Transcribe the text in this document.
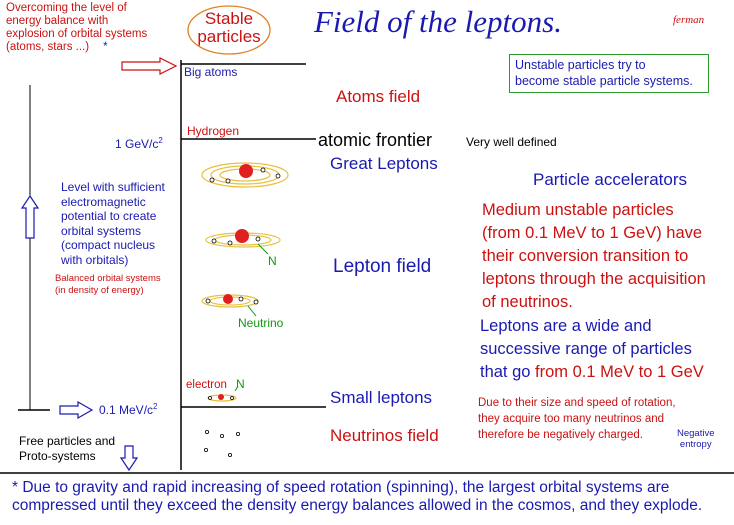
Field of the leptons.	ferman
Stable
particles
Overcoming the level of
energy balance with
explosion of orbital systems
(atoms, stars ...) *
Unstable particles try to
become stable particle systems.
Big atoms
Atoms field
1 GeV/$c^2$
Hydrogen	atomic frontier	Very well defined
Great Leptons
Particle accelerators
Level with sufficient
electromagnetic
potential to create
orbital systems
(compact nucleus
with orbitals)
Balanced orbital systems
(in density of energy)
Medium unstable particles
(from 0.1 MeV to 1 GeV) have
their conversion transition to
leptons through the acquisition
of neutrinos.
Leptons are a wide and
successive range of particles
that go from 0.1 MeV to 1 GeV
Lepton field
N
Neutrino
electron N
Small leptons
0.1 MeV/$c^2$	Due to their size and speed of rotation,
they acquire too many neutrinos and
therefore be negatively charged.	Negative
entropy
Free particles and
Proto-systems
Neutrinos field
* Due to gravity and rapid increasing of speed rotation (spinning), the largest orbital systems are
compressed until they exceed the density energy balances allowed in the cosmos, and they explode.
